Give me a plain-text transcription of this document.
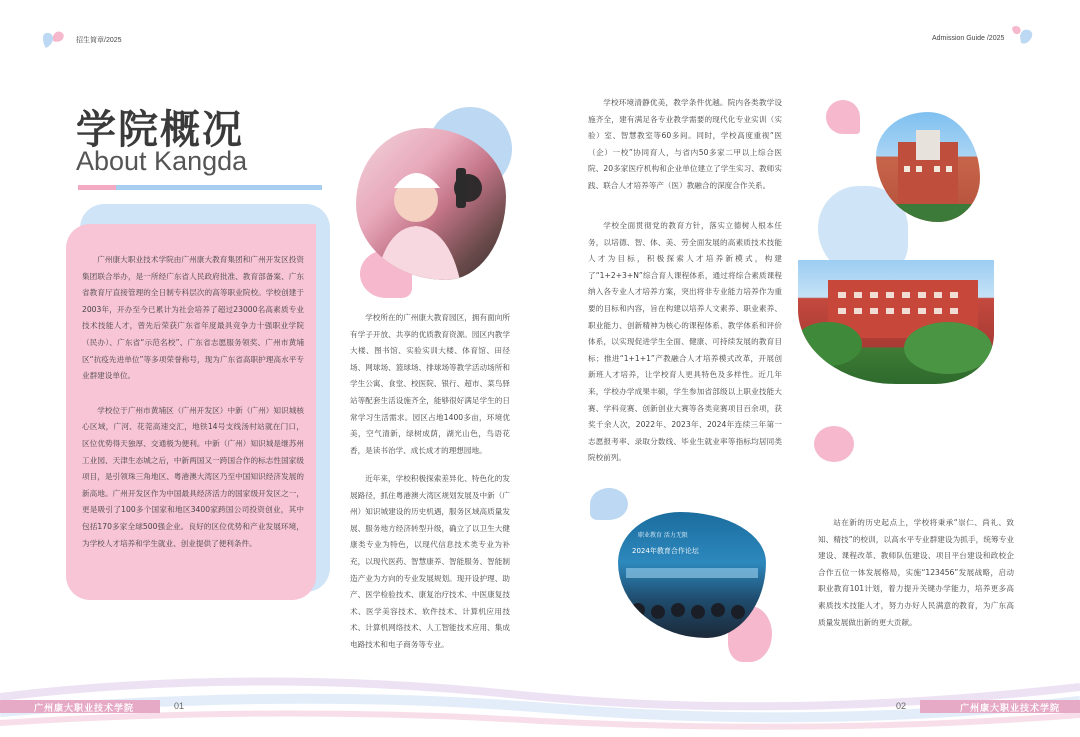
招生简章/2025	Admission Guide /2025
学院概况
About Kangda

广州康大职业技术学院由广州康大教育集团和广州开发区投资集团联合举办，是一所经广东省人民政府批准、教育部备案、广东省教育厅直接管理的全日制专科层次的高等职业院校。学校创建于2003年，开办至今已累计为社会培养了超过23000名高素质专业技术技能人才，曾先后荣获广东省年度最具竞争力十强职业学院（民办）、广东省“示范名校”、广东省志愿服务领奖、广州市黄埔区“抗疫先进单位”等多项荣誉称号，现为广东省高职护理高水平专业群建设单位。

学校位于广州市黄埔区（广州开发区）中新（广州）知识城核心区域，广河、花莞高速交汇，地铁14号支线汤村站就在门口，区位优势得天独厚、交通极为便利。中新（广州）知识城是继苏州工业园、天津生态城之后，中新两国又一跨国合作的标志性国家级项目，是引领珠三角地区、粤港澳大湾区乃至中国知识经济发展的新高地。广州开发区作为中国最具经济活力的国家级开发区之一，更是吸引了100多个国家和地区3400家跨国公司投资创业，其中包括170多家全球500强企业。良好的区位优势和产业发展环境，为学校人才培养和学生就业、创业提供了便利条件。

学校所在的广州康大教育园区，拥有面向所有学子开放、共享的优质教育资源。园区内教学大楼、图书馆、实验实训大楼、体育馆、田径场、网球场、篮球场、排球场等教学活动场所和学生公寓、食堂、校医院、银行、超市、菜鸟驿站等配套生活设施齐全，能够很好满足学生的日常学习生活需求。园区占地1400多亩，环境优美，空气清新，绿树成荫，湖光山色，鸟语花香，是读书治学、成长成才的理想园地。

近年来，学校积极探索差异化、特色化的发展路径，抓住粤港澳大湾区规划发展及中新（广州）知识城建设的历史机遇，服务区域高质量发展、服务地方经济转型升级，确立了以卫生大健康类专业为特色，以现代信息技术类专业为补充，以现代医药、智慧康养、智能服务、智能制造产业为方向的专业发展规划。现开设护理、助产、医学检验技术、康复治疗技术、中医康复技术、医学美容技术、软件技术、计算机应用技术、计算机网络技术、人工智能技术应用、集成电路技术和电子商务等专业。

学校环境清静优美，教学条件优越。院内各类教学设施齐全，建有满足各专业教学需要的现代化专业实训（实验）室、智慧教室等60多间。同时，学校高度重视“医（企）一校”协同育人，与省内50多家二甲以上综合医院、20多家医疗机构和企业单位建立了学生实习、教师实践、联合人才培养等产（医）教融合的深度合作关系。

学校全面贯彻党的教育方针，落实立德树人根本任务，以培德、智、体、美、劳全面发展的高素质技术技能人才为目标，积极探索人才培养新模式，构建了“1+2+3+N”综合育人课程体系，通过将综合素质课程纳入各专业人才培养方案，突出将非专业能力培养作为重要的目标和内容，旨在构建以培养人文素养、职业素养、职业能力、创新精神为核心的课程体系、教学体系和评价体系，以实现促进学生全面、健康、可持续发展的教育目标；推进“1+1+1”产教融合人才培养模式改革，开展创新班人才培养，让学校育人更具特色及多样性。近几年来，学校办学成果丰硕，学生参加省部级以上职业技能大赛、学科竞赛、创新创业大赛等各类竞赛项目百余项，获奖千余人次，2022年、2023年、2024年连续三年第一志愿报考率、录取分数线、毕业生就业率等指标均居同类院校前列。

职业教育 活力无限
2024年教育合作论坛

站在新的历史起点上，学校将秉承“崇仁、尚礼、致知、精技”的校训，以高水平专业群建设为抓手，统筹专业建设、课程改革、教师队伍建设、项目平台建设和政校企合作五位一体发展格局，实施“123456”发展战略，启动职业教育101计划，着力提升关键办学能力，培养更多高素质技术技能人才，努力办好人民满意的教育，为广东高质量发展做出新的更大贡献。

广州康大职业技术学院	01	02	广州康大职业技术学院
